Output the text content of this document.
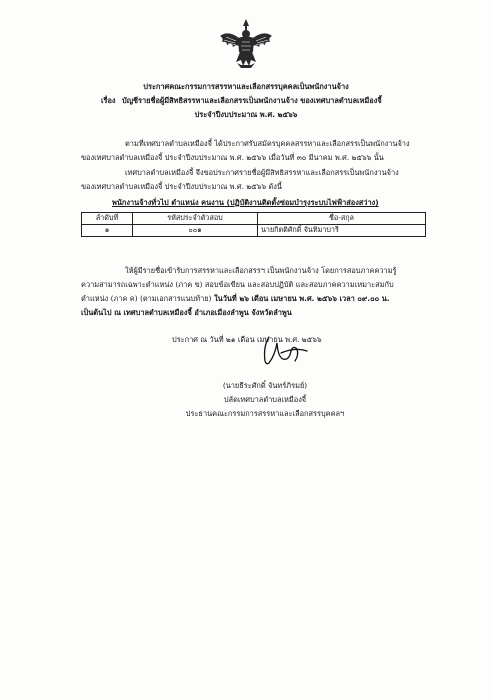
ประกาศคณะกรรมการสรรหาและเลือกสรรบุคคลเป็นพนักงานจ้าง
เรื่อง บัญชีรายชื่อผู้มีสิทธิสรรหาและเลือกสรรเป็นพนักงานจ้าง ของเทศบาลตำบลเหมืองจี้
ประจำปีงบประมาณ พ.ศ. ๒๕๖๖
ตามที่เทศบาลตำบลเหมืองจี้ ได้ประกาศรับสมัครบุคคลสรรหาและเลือกสรรเป็นพนักงานจ้าง
ของเทศบาลตำบลเหมืองจี้ ประจำปีงบประมาณ พ.ศ. ๒๕๖๖ เมื่อวันที่ ๓๐ มีนาคม พ.ศ. ๒๕๖๖ นั้น
เทศบาลตำบลเหมืองจี้ จึงขอประกาศรายชื่อผู้มีสิทธิสรรหาและเลือกสรรเป็นพนักงานจ้าง
ของเทศบาลตำบลเหมืองจี้ ประจำปีงบประมาณ พ.ศ. ๒๕๖๖ ดังนี้
พนักงานจ้างทั่วไป ตำแหน่ง คนงาน (ปฏิบัติงานติดตั้งซ่อมบำรุงระบบไฟฟ้าส่องสว่าง)
ลำดับที่	รหัสประจำตัวสอบ	ชื่อ-สกุล
๑	๐๐๑	นายกิตติศักดิ์ จันทิมาบารี
ให้ผู้มีรายชื่อเข้ารับการสรรหาและเลือกสรรฯ เป็นพนักงานจ้าง โดยการสอบภาคความรู้
ความสามารถเฉพาะตำแหน่ง (ภาค ข) สอบข้อเขียน และสอบปฏิบัติ และสอบภาคความเหมาะสมกับ
ตำแหน่ง (ภาค ค) (ตามเอกสารแนบท้าย) ในวันที่ ๒๖ เดือน เมษายน พ.ศ. ๒๕๖๖ เวลา ๐๙.๐๐ น.
เป็นต้นไป ณ เทศบาลตำบลเหมืองจี้ อำเภอเมืองลำพูน จังหวัดลำพูน
ประกาศ ณ วันที่ ๒๑ เดือน เมษายน พ.ศ. ๒๕๖๖
(นายธีระศักดิ์ จันทร์ภิรมย์)
ปลัดเทศบาลตำบลเหมืองจี้
ประธานคณะกรรมการสรรหาและเลือกสรรบุคคลฯ
